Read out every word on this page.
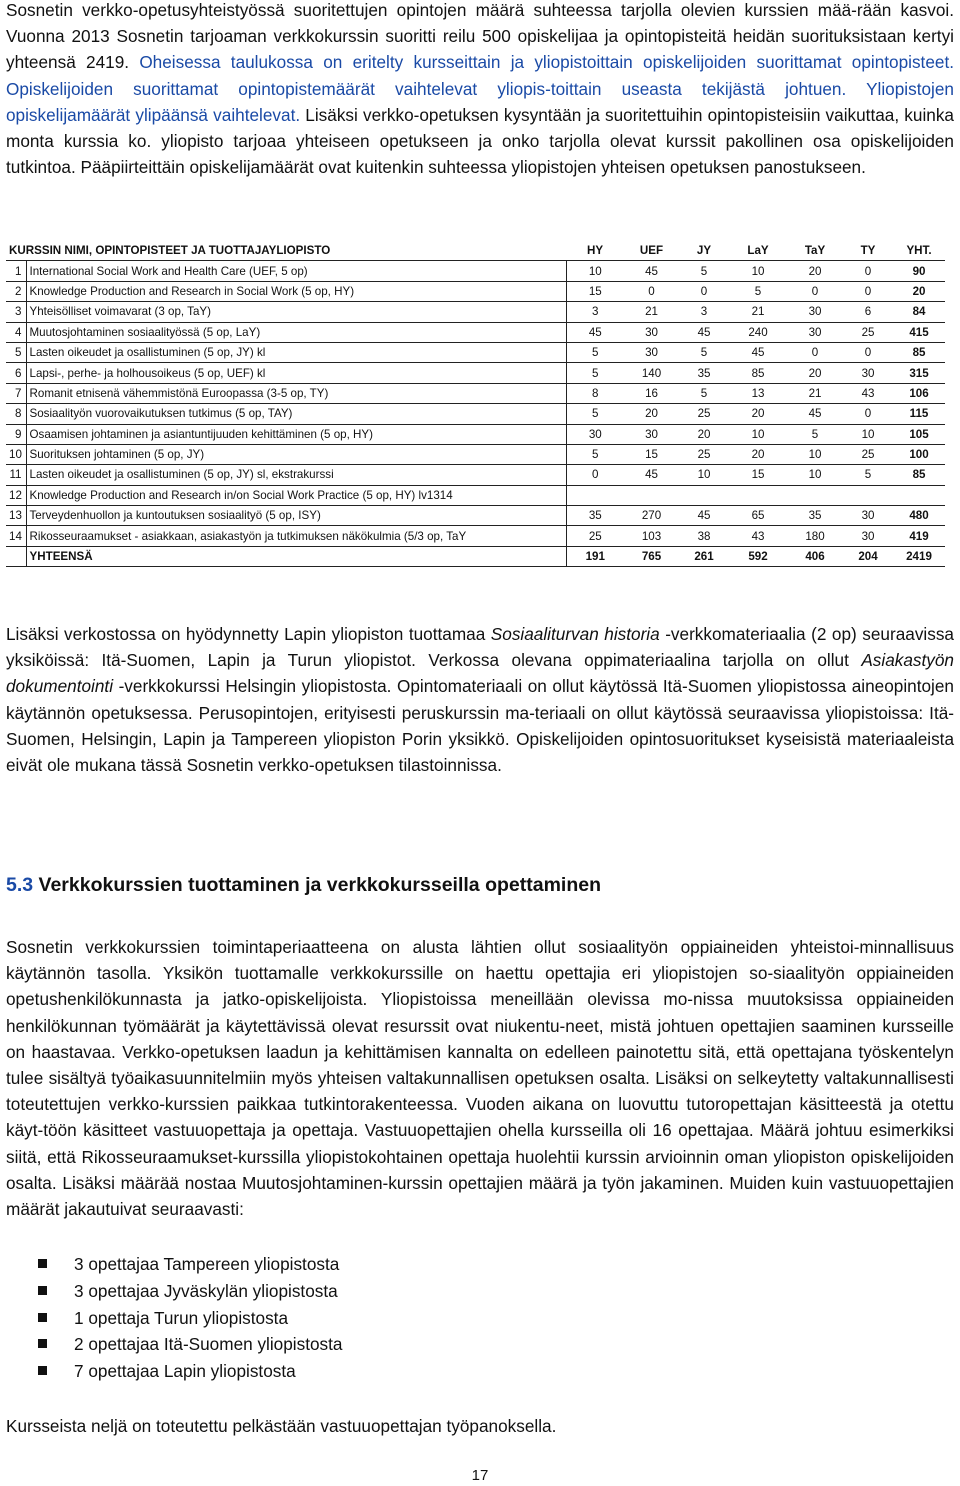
Sosnetin verkko-opetusyhteistyössä suoritettujen opintojen määrä suhteessa tarjolla olevien kurssien mää-rään kasvoi. Vuonna 2013 Sosnetin tarjoaman verkkokurssin suoritti reilu 500 opiskelijaa ja opintopisteitä heidän suorituksistaan kertyi yhteensä 2419. Oheisessa taulukossa on eritelty kursseittain ja yliopistoittain opiskelijoiden suorittamat opintopisteet. Opiskelijoiden suorittamat opintopistemäärät vaihtelevat yliopis-toittain useasta tekijästä johtuen. Yliopistojen opiskelijamäärät ylipäänsä vaihtelevat. Lisäksi verkko-opetuksen kysyntään ja suoritettuihin opintopisteisiin vaikuttaa, kuinka monta kurssia ko. yliopisto tarjoaa yhteiseen opetukseen ja onko tarjolla olevat kurssit pakollinen osa opiskelijoiden tutkintoa. Pääpiirteittäin opiskelijamäärät ovat kuitenkin suhteessa yliopistojen yhteisen opetuksen panostukseen.

KURSSIN NIMI, OPINTOPISTEET JA TUOTTAJAYLIOPISTO		HY	UEF	JY	LaY	TaY	TY	YHT.
1	International Social Work and Health Care (UEF, 5 op)	10	45	5	10	20	0	90
2	Knowledge Production and Research in Social Work (5 op, HY)	15	0	0	5	0	0	20
3	Yhteisölliset voimavarat (3 op, TaY)	3	21	3	21	30	6	84
4	Muutosjohtaminen sosiaalityössä (5 op, LaY)	45	30	45	240	30	25	415
5	Lasten oikeudet ja osallistuminen (5 op, JY) kl	5	30	5	45	0	0	85
6	Lapsi-, perhe- ja holhousoikeus (5 op, UEF) kl	5	140	35	85	20	30	315
7	Romanit etnisenä vähemmistönä Euroopassa (3-5 op, TY)	8	16	5	13	21	43	106
8	Sosiaalityön vuorovaikutuksen tutkimus (5 op, TAY)	5	20	25	20	45	0	115
9	Osaamisen johtaminen ja asiantuntijuuden kehittäminen (5 op, HY)	30	30	20	10	5	10	105
10	Suorituksen johtaminen (5 op, JY)	5	15	25	20	10	25	100
11	Lasten oikeudet ja osallistuminen (5 op, JY) sl, ekstrakurssi	0	45	10	15	10	5	85
12	Knowledge Production and Research in/on Social Work Practice (5 op, HY) lv1314							
13	Terveydenhuollon ja kuntoutuksen sosiaalityö (5 op, ISY)	35	270	45	65	35	30	480
14	Rikosseuraamukset - asiakkaan, asiakastyön ja tutkimuksen näkökulmia (5/3 op, TaY	25	103	38	43	180	30	419
	YHTEENSÄ	191	765	261	592	406	204	2419

Lisäksi verkostossa on hyödynnetty Lapin yliopiston tuottamaa Sosiaaliturvan historia -verkkomateriaalia (2 op) seuraavissa yksiköissä: Itä-Suomen, Lapin ja Turun yliopistot. Verkossa olevana oppimateriaalina tarjolla on ollut Asiakastyön dokumentointi -verkkokurssi Helsingin yliopistosta. Opintomateriaali on ollut käytössä Itä-Suomen yliopistossa aineopintojen käytännön opetuksessa. Perusopintojen, erityisesti peruskurssin ma-teriaali on ollut käytössä seuraavissa yliopistoissa: Itä-Suomen, Helsingin, Lapin ja Tampereen yliopiston Porin yksikkö. Opiskelijoiden opintosuoritukset kyseisistä materiaaleista eivät ole mukana tässä Sosnetin verkko-opetuksen tilastoinnissa.

5.3 Verkkokurssien tuottaminen ja verkkokursseilla opettaminen

Sosnetin verkkokurssien toimintaperiaatteena on alusta lähtien ollut sosiaalityön oppiaineiden yhteistoi-minnallisuus käytännön tasolla. Yksikön tuottamalle verkkokurssille on haettu opettajia eri yliopistojen so-siaalityön oppiaineiden opetushenkilökunnasta ja jatko-opiskelijoista. Yliopistoissa meneillään olevissa mo-nissa muutoksissa oppiaineiden henkilökunnan työmäärät ja käytettävissä olevat resurssit ovat niukentu-neet, mistä johtuen opettajien saaminen kursseille on haastavaa. Verkko-opetuksen laadun ja kehittämisen kannalta on edelleen painotettu sitä, että opettajana työskentelyn tulee sisältyä työaikasuunnitelmiin myös yhteisen valtakunnallisen opetuksen osalta. Lisäksi on selkeytetty valtakunnallisesti toteutettujen verkko-kurssien paikkaa tutkintorakenteessa. Vuoden aikana on luovuttu tutoropettajan käsitteestä ja otettu käyt-töön käsitteet vastuuopettaja ja opettaja. Vastuuopettajien ohella kursseilla oli 16 opettajaa. Määrä johtuu esimerkiksi siitä, että Rikosseuraamukset-kurssilla yliopistokohtainen opettaja huolehtii kurssin arvioinnin oman yliopiston opiskelijoiden osalta. Lisäksi määrää nostaa Muutosjohtaminen-kurssin opettajien määrä ja työn jakaminen. Muiden kuin vastuuopettajien määrät jakautuivat seuraavasti:

3 opettajaa Tampereen yliopistosta
3 opettajaa Jyväskylän yliopistosta
1 opettaja Turun yliopistosta
2 opettajaa Itä-Suomen yliopistosta
7 opettajaa Lapin yliopistosta

Kursseista neljä on toteutettu pelkästään vastuuopettajan työpanoksella.

17
